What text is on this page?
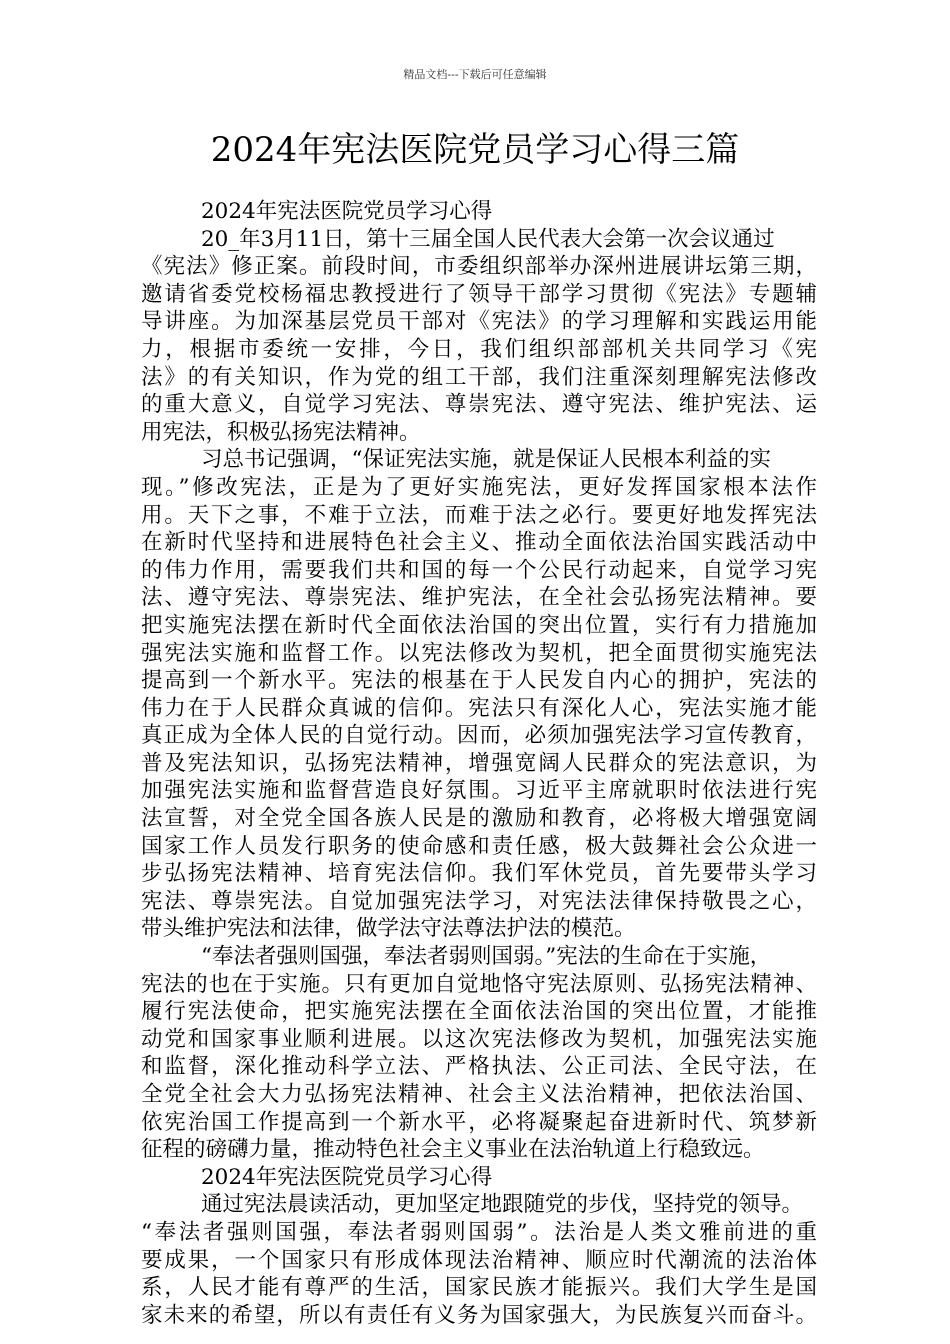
精品文档---下载后可任意编辑
2024年宪法医院党员学习心得三篇

2024年宪法医院党员学习心得

20_年3月11日，第十三届全国人民代表大会第一次会议通过

《宪法》修正案。前段时间，市委组织部举办深州进展讲坛第三期，

邀请省委党校杨福忠教授进行了领导干部学习贯彻《宪法》专题辅

导讲座。为加深基层党员干部对《宪法》的学习理解和实践运用能

力，根据市委统一安排，今日，我们组织部部机关共同学习《宪

法》的有关知识，作为党的组工干部，我们注重深刻理解宪法修改

的重大意义，自觉学习宪法、尊崇宪法、遵守宪法、维护宪法、运

用宪法，积极弘扬宪法精神。

习总书记强调，“保证宪法实施，就是保证人民根本利益的实

现。”修改宪法，正是为了更好实施宪法，更好发挥国家根本法作

用。天下之事，不难于立法，而难于法之必行。要更好地发挥宪法

在新时代坚持和进展特色社会主义、推动全面依法治国实践活动中

的伟力作用，需要我们共和国的每一个公民行动起来，自觉学习宪

法、遵守宪法、尊崇宪法、维护宪法，在全社会弘扬宪法精神。要

把实施宪法摆在新时代全面依法治国的突出位置，实行有力措施加

强宪法实施和监督工作。以宪法修改为契机，把全面贯彻实施宪法

提高到一个新水平。宪法的根基在于人民发自内心的拥护，宪法的

伟力在于人民群众真诚的信仰。宪法只有深化人心，宪法实施才能

真正成为全体人民的自觉行动。因而，必须加强宪法学习宣传教育，

普及宪法知识，弘扬宪法精神，增强宽阔人民群众的宪法意识，为

加强宪法实施和监督营造良好氛围。习近平主席就职时依法进行宪

法宣誓，对全党全国各族人民是的激励和教育，必将极大增强宽阔

国家工作人员发行职务的使命感和责任感，极大鼓舞社会公众进一

步弘扬宪法精神、培育宪法信仰。我们军休党员，首先要带头学习

宪法、尊崇宪法。自觉加强宪法学习，对宪法法律保持敬畏之心，

带头维护宪法和法律，做学法守法尊法护法的模范。

“奉法者强则国强，奉法者弱则国弱。”宪法的生命在于实施，

宪法的也在于实施。只有更加自觉地恪守宪法原则、弘扬宪法精神、

履行宪法使命，把实施宪法摆在全面依法治国的突出位置，才能推

动党和国家事业顺利进展。以这次宪法修改为契机，加强宪法实施

和监督，深化推动科学立法、严格执法、公正司法、全民守法，在

全党全社会大力弘扬宪法精神、社会主义法治精神，把依法治国、

依宪治国工作提高到一个新水平，必将凝聚起奋进新时代、筑梦新

征程的磅礴力量，推动特色社会主义事业在法治轨道上行稳致远。

2024年宪法医院党员学习心得

通过宪法晨读活动，更加坚定地跟随党的步伐，坚持党的领导。

“奉法者强则国强，奉法者弱则国弱”。法治是人类文雅前进的重

要成果，一个国家只有形成体现法治精神、顺应时代潮流的法治体

系，人民才能有尊严的生活，国家民族才能振兴。我们大学生是国

家未来的希望，所以有责任有义务为国家强大，为民族复兴而奋斗。
